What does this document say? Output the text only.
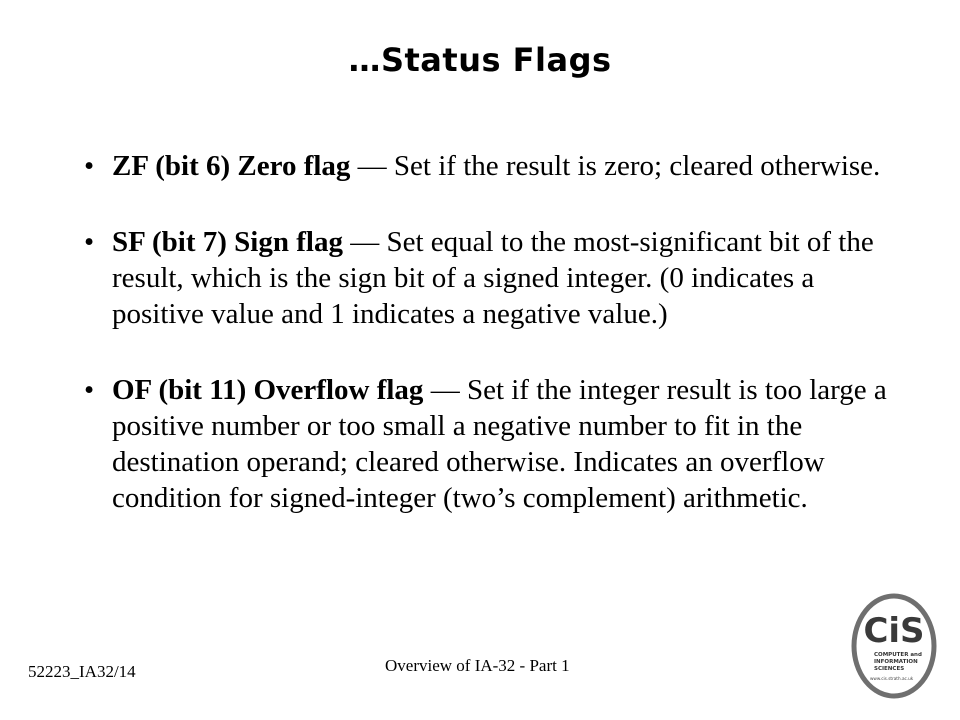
…Status Flags
• ZF (bit 6) Zero flag — Set if the result is zero; cleared otherwise.
• SF (bit 7) Sign flag — Set equal to the most-significant bit of the result, which is the sign bit of a signed integer. (0 indicates a positive value and 1 indicates a negative value.)
• OF (bit 11) Overflow flag — Set if the integer result is too large a positive number or too small a negative number to fit in the destination operand; cleared otherwise. Indicates an overflow condition for signed-integer (two’s complement) arithmetic.
52223_IA32/14	Overview of IA-32 - Part 1
CiS
COMPUTER and
INFORMATION
SCIENCES
www.cis.strath.ac.uk
